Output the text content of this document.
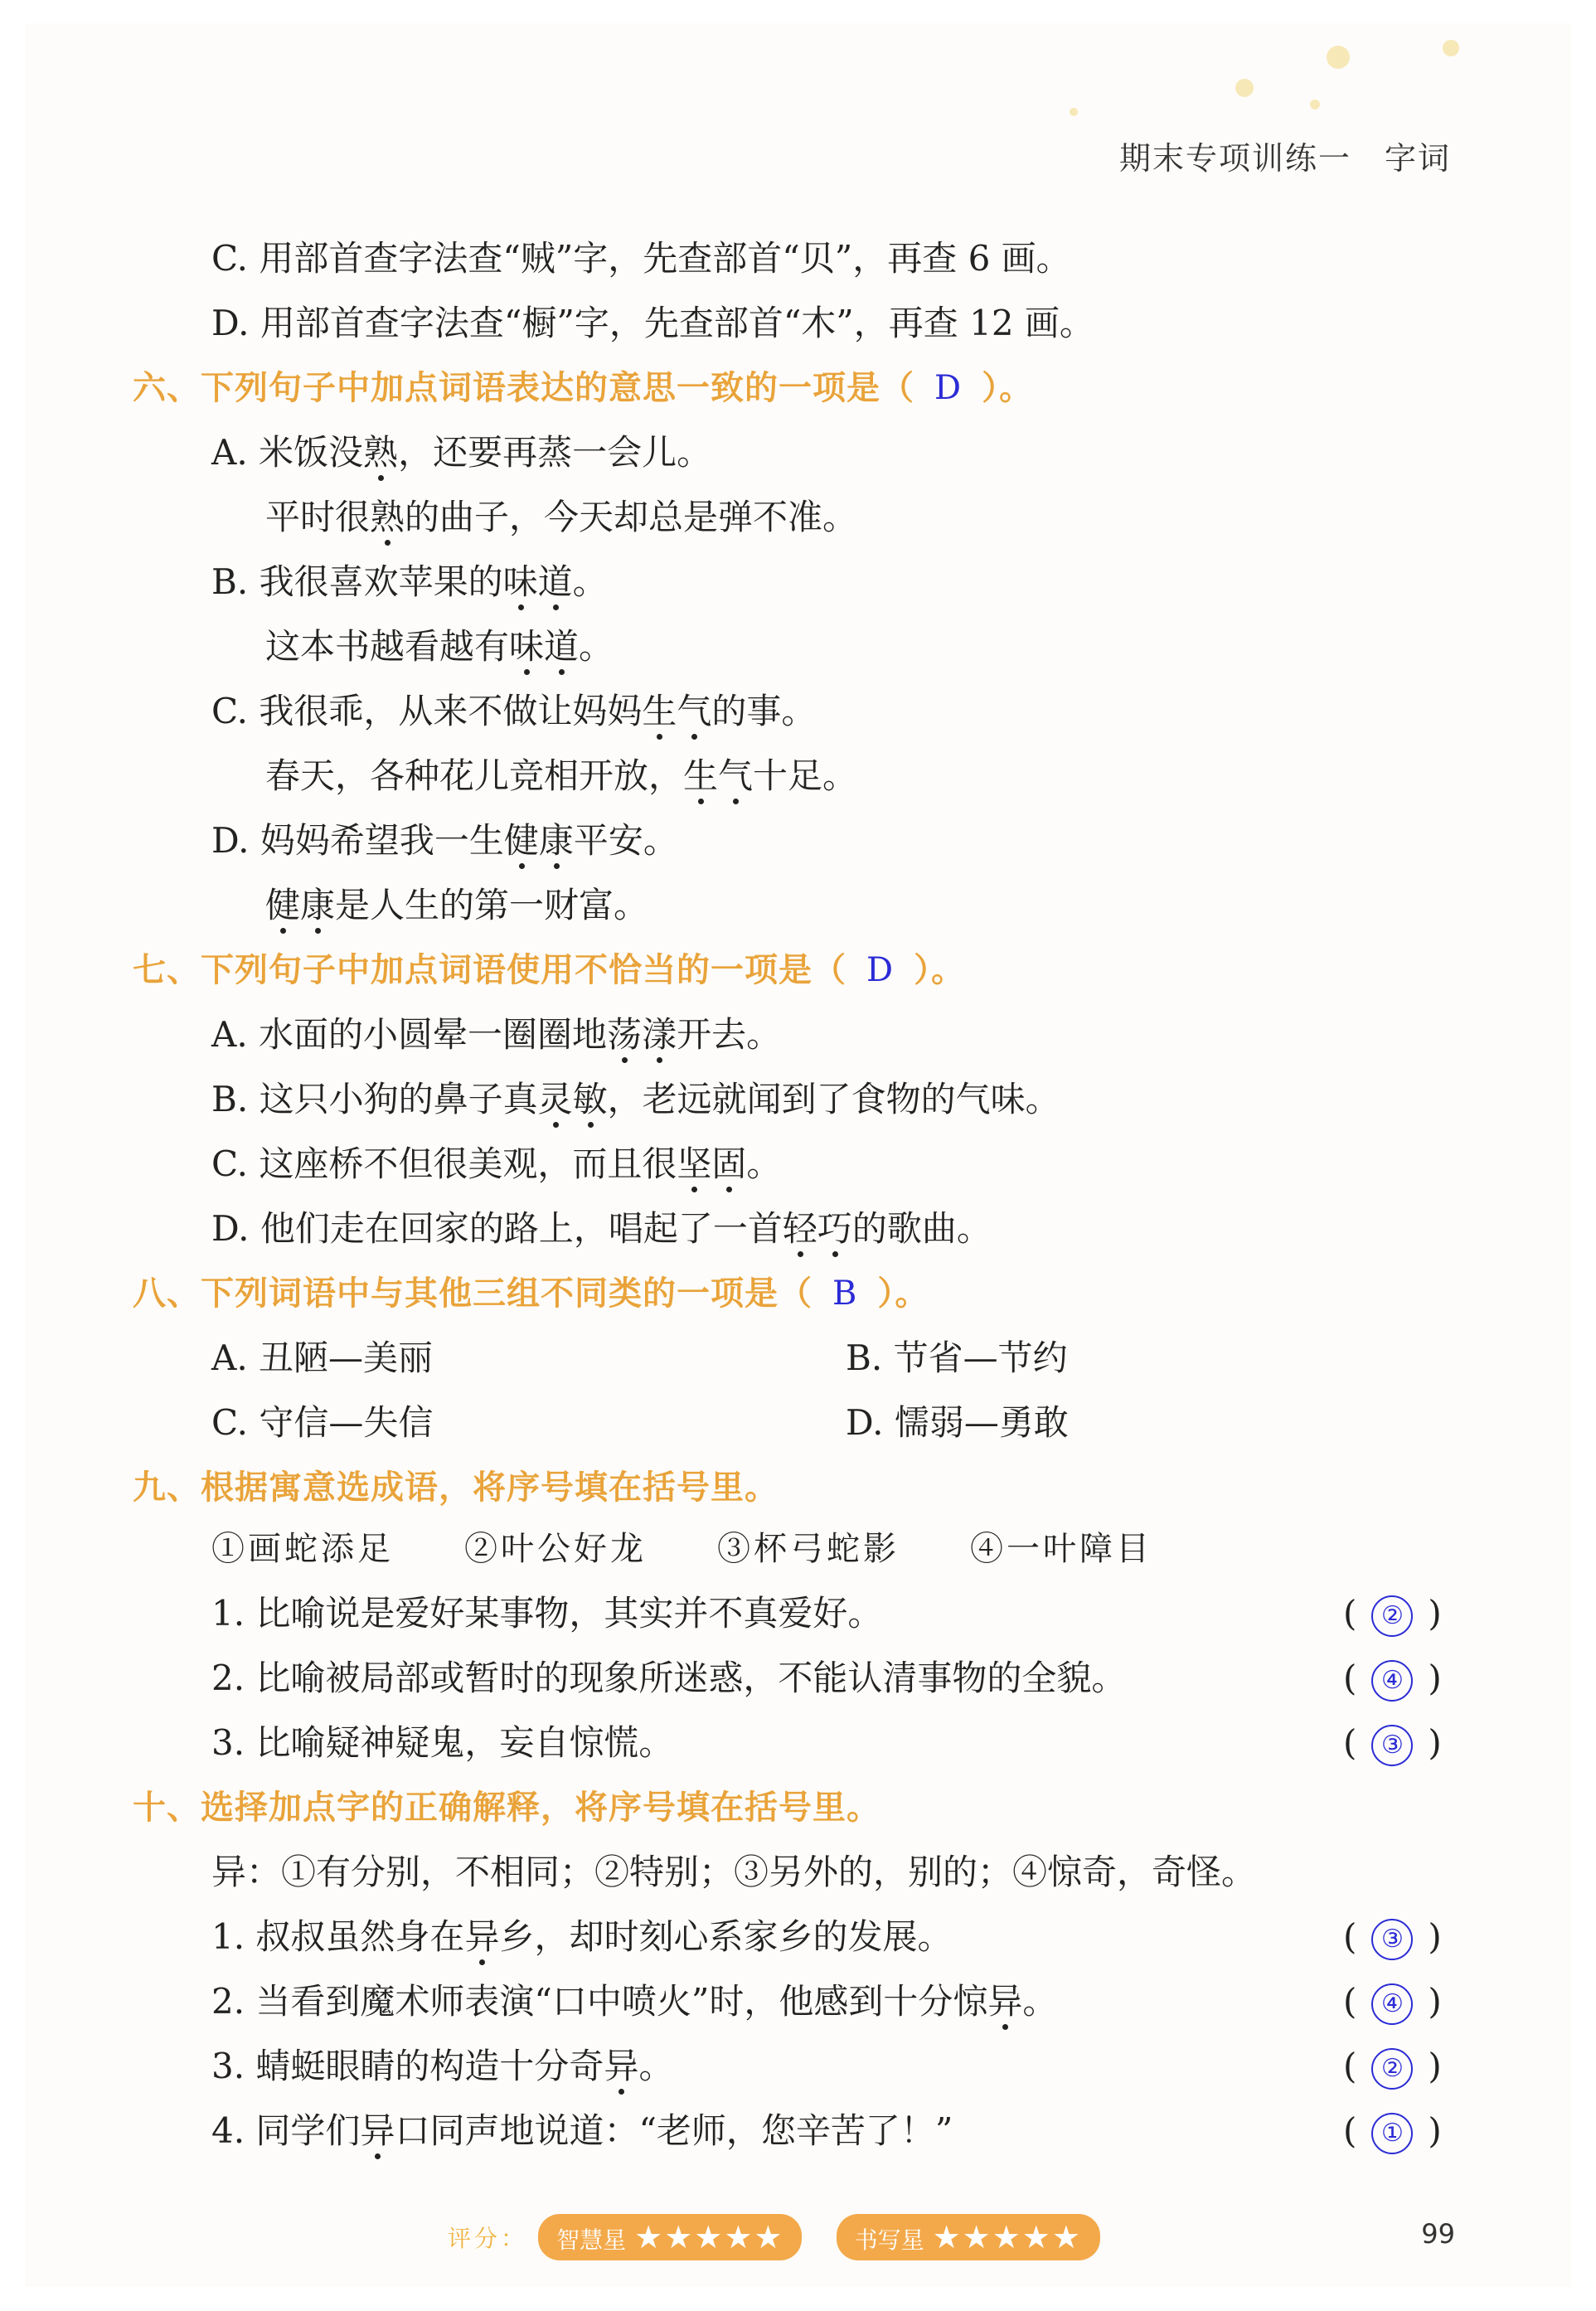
期末专项训练一 字词
C. 用部首查字法查“贼”字，先查部首“贝”，再查 6 画。
D. 用部首查字法查“橱”字，先查部首“木”，再查 12 画。
六、下列句子中加点词语表达的意思一致的一项是（ D ）。
A. 米饭没熟，还要再蒸一会儿。
平时很熟的曲子，今天却总是弹不准。
B. 我很喜欢苹果的味道。
这本书越看越有味道。
C. 我很乖，从来不做让妈妈生气的事。
春天，各种花儿竞相开放，生气十足。
D. 妈妈希望我一生健康平安。
健康是人生的第一财富。
七、下列句子中加点词语使用不恰当的一项是（ D ）。
A. 水面的小圆晕一圈圈地荡漾开去。
B. 这只小狗的鼻子真灵敏，老远就闻到了食物的气味。
C. 这座桥不但很美观，而且很坚固。
D. 他们走在回家的路上，唱起了一首轻巧的歌曲。
八、下列词语中与其他三组不同类的一项是（ B ）。
A. 丑陋—美丽	B. 节省—节约
C. 守信—失信	D. 懦弱—勇敢
九、根据寓意选成语，将序号填在括号里。
①画蛇添足 ②叶公好龙 ③杯弓蛇影 ④一叶障目
1. 比喻说是爱好某事物，其实并不真爱好。	( ② )
2. 比喻被局部或暂时的现象所迷惑，不能认清事物的全貌。	( ④ )
3. 比喻疑神疑鬼，妄自惊慌。	( ③ )
十、选择加点字的正确解释，将序号填在括号里。
异：①有分别，不相同；②特别；③另外的，别的；④惊奇，奇怪。
1. 叔叔虽然身在异乡，却时刻心系家乡的发展。	( ③ )
2. 当看到魔术师表演“口中喷火”时，他感到十分惊异。	( ④ )
3. 蜻蜓眼睛的构造十分奇异。	( ② )
4. 同学们异口同声地说道：“老师，您辛苦了！”	( ① )
评分： 智慧星 ★★★★★	书写星 ★★★★★	99
